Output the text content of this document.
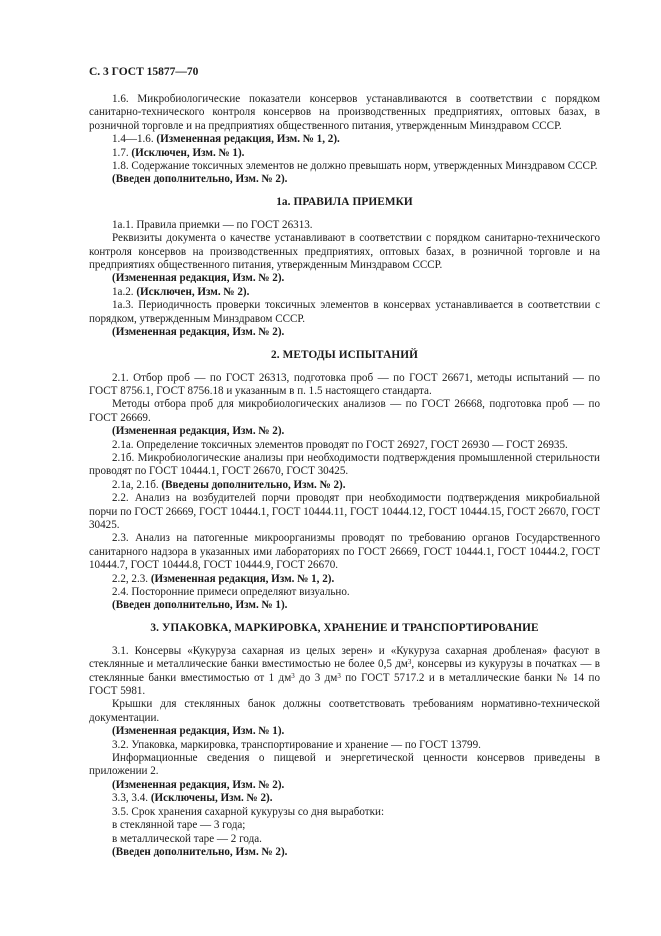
С. 3 ГОСТ 15877—70
1.6. Микробиологические показатели консервов устанавливаются в соответствии с порядком санитарно-технического контроля консервов на производственных предприятиях, оптовых базах, в розничной торговле и на предприятиях общественного питания, утвержденным Минздравом СССР.
1.4—1.6. (Измененная редакция, Изм. № 1, 2).
1.7. (Исключен, Изм. № 1).
1.8. Содержание токсичных элементов не должно превышать норм, утвержденных Минздравом СССР.
(Введен дополнительно, Изм. № 2).
1а. ПРАВИЛА ПРИЕМКИ
1а.1. Правила приемки — по ГОСТ 26313.
Реквизиты документа о качестве устанавливают в соответствии с порядком санитарно-технического контроля консервов на производственных предприятиях, оптовых базах, в розничной торговле и на предприятиях общественного питания, утвержденным Минздравом СССР.
(Измененная редакция, Изм. № 2).
1а.2. (Исключен, Изм. № 2).
1а.3. Периодичность проверки токсичных элементов в консервах устанавливается в соответствии с порядком, утвержденным Минздравом СССР.
(Измененная редакция, Изм. № 2).
2. МЕТОДЫ ИСПЫТАНИЙ
2.1. Отбор проб — по ГОСТ 26313, подготовка проб — по ГОСТ 26671, методы испытаний — по ГОСТ 8756.1, ГОСТ 8756.18 и указанным в п. 1.5 настоящего стандарта.
Методы отбора проб для микробиологических анализов — по ГОСТ 26668, подготовка проб — по ГОСТ 26669.
(Измененная редакция, Изм. № 2).
2.1а. Определение токсичных элементов проводят по ГОСТ 26927, ГОСТ 26930 — ГОСТ 26935.
2.1б. Микробиологические анализы при необходимости подтверждения промышленной стерильности проводят по ГОСТ 10444.1, ГОСТ 26670, ГОСТ 30425.
2.1а, 2.1б. (Введены дополнительно, Изм. № 2).
2.2. Анализ на возбудителей порчи проводят при необходимости подтверждения микробиальной порчи по ГОСТ 26669, ГОСТ 10444.1, ГОСТ 10444.11, ГОСТ 10444.12, ГОСТ 10444.15, ГОСТ 26670, ГОСТ 30425.
2.3. Анализ на патогенные микроорганизмы проводят по требованию органов Государственного санитарного надзора в указанных ими лабораториях по ГОСТ 26669, ГОСТ 10444.1, ГОСТ 10444.2, ГОСТ 10444.7, ГОСТ 10444.8, ГОСТ 10444.9, ГОСТ 26670.
2.2, 2.3. (Измененная редакция, Изм. № 1, 2).
2.4. Посторонние примеси определяют визуально.
(Введен дополнительно, Изм. № 1).
3. УПАКОВКА, МАРКИРОВКА, ХРАНЕНИЕ И ТРАНСПОРТИРОВАНИЕ
3.1. Консервы «Кукуруза сахарная из целых зерен» и «Кукуруза сахарная дробленая» фасуют в стеклянные и металлические банки вместимостью не более 0,5 $дм^3$, консервы из кукурузы в початках — в стеклянные банки вместимостью от 1 $дм^3$ до 3 $дм^3$ по ГОСТ 5717.2 и в металлические банки № 14 по ГОСТ 5981.
Крышки для стеклянных банок должны соответствовать требованиям нормативно-технической документации.
(Измененная редакция, Изм. № 1).
3.2. Упаковка, маркировка, транспортирование и хранение — по ГОСТ 13799.
Информационные сведения о пищевой и энергетической ценности консервов приведены в приложении 2.
(Измененная редакция, Изм. № 2).
3.3, 3.4. (Исключены, Изм. № 2).
3.5. Срок хранения сахарной кукурузы со дня выработки:
в стеклянной таре — 3 года;
в металлической таре — 2 года.
(Введен дополнительно, Изм. № 2).
